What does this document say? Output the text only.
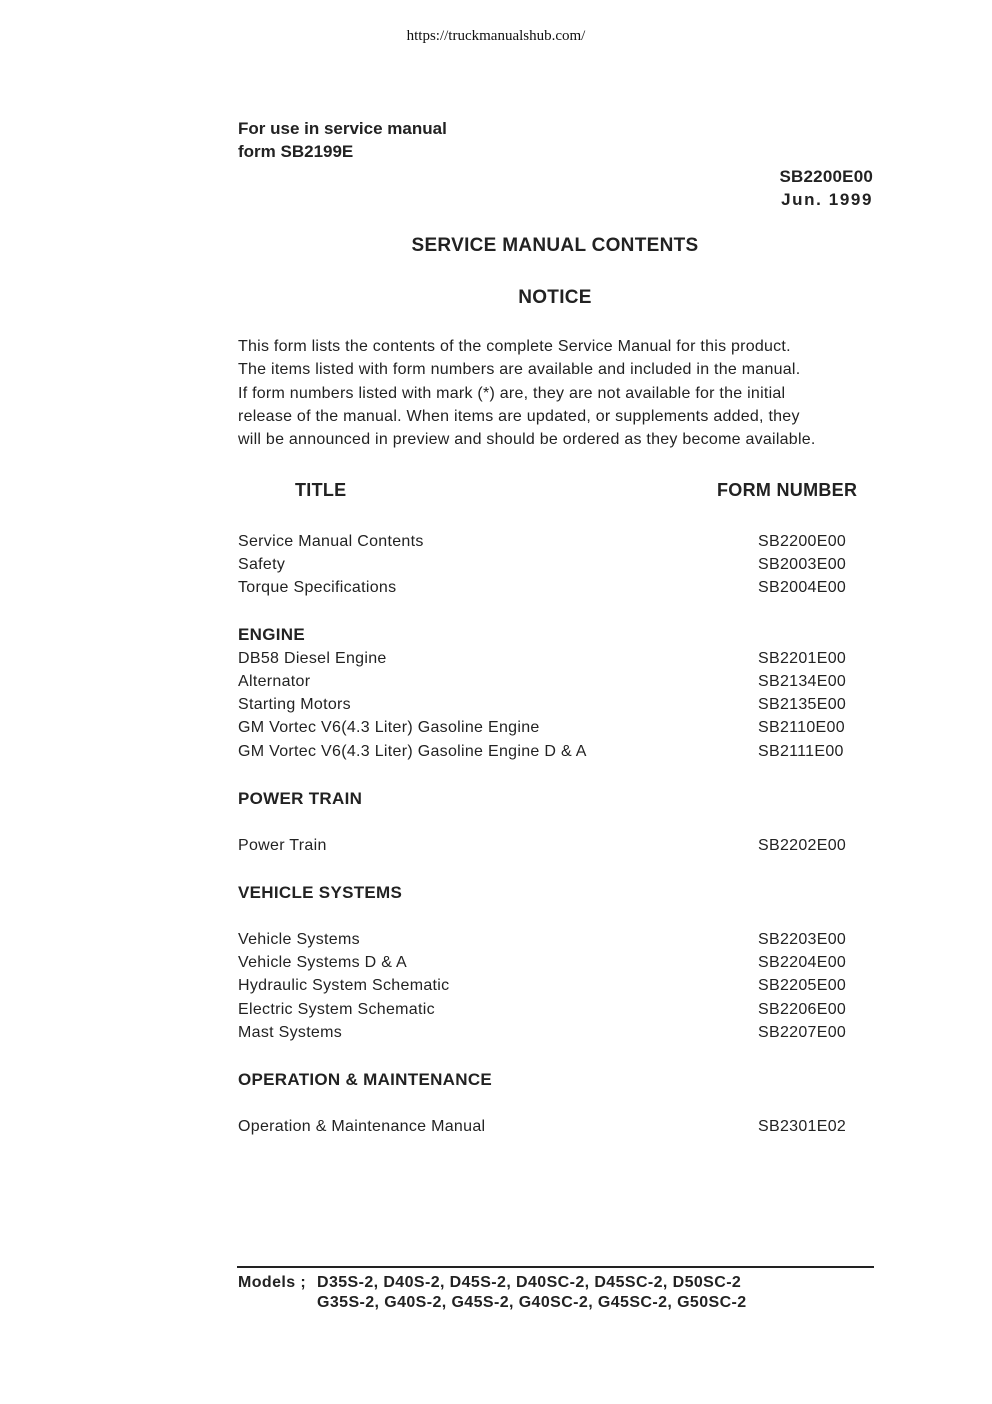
https://truckmanualshub.com/
For use in service manual
form SB2199E
SB2200E00
Jun. 1999
SERVICE MANUAL CONTENTS
NOTICE
This form lists the contents of the complete Service Manual for this product.
The items listed with form numbers are available and included in the manual.
If form numbers listed with mark (*) are, they are not available for the initial
release of the manual. When items are updated, or supplements added, they
will be announced in preview and should be ordered as they become available.
TITLE	FORM NUMBER
Service Manual Contents	SB2200E00
Safety	SB2003E00
Torque Specifications	SB2004E00
ENGINE
DB58 Diesel Engine	SB2201E00
Alternator	SB2134E00
Starting Motors	SB2135E00
GM Vortec V6(4.3 Liter) Gasoline Engine	SB2110E00
GM Vortec V6(4.3 Liter) Gasoline Engine D & A	SB2111E00
POWER TRAIN
Power Train	SB2202E00
VEHICLE SYSTEMS
Vehicle Systems	SB2203E00
Vehicle Systems D & A	SB2204E00
Hydraulic System Schematic	SB2205E00
Electric System Schematic	SB2206E00
Mast Systems	SB2207E00
OPERATION & MAINTENANCE
Operation & Maintenance Manual	SB2301E02
Models ; D35S-2, D40S-2, D45S-2, D40SC-2, D45SC-2, D50SC-2
G35S-2, G40S-2, G45S-2, G40SC-2, G45SC-2, G50SC-2
